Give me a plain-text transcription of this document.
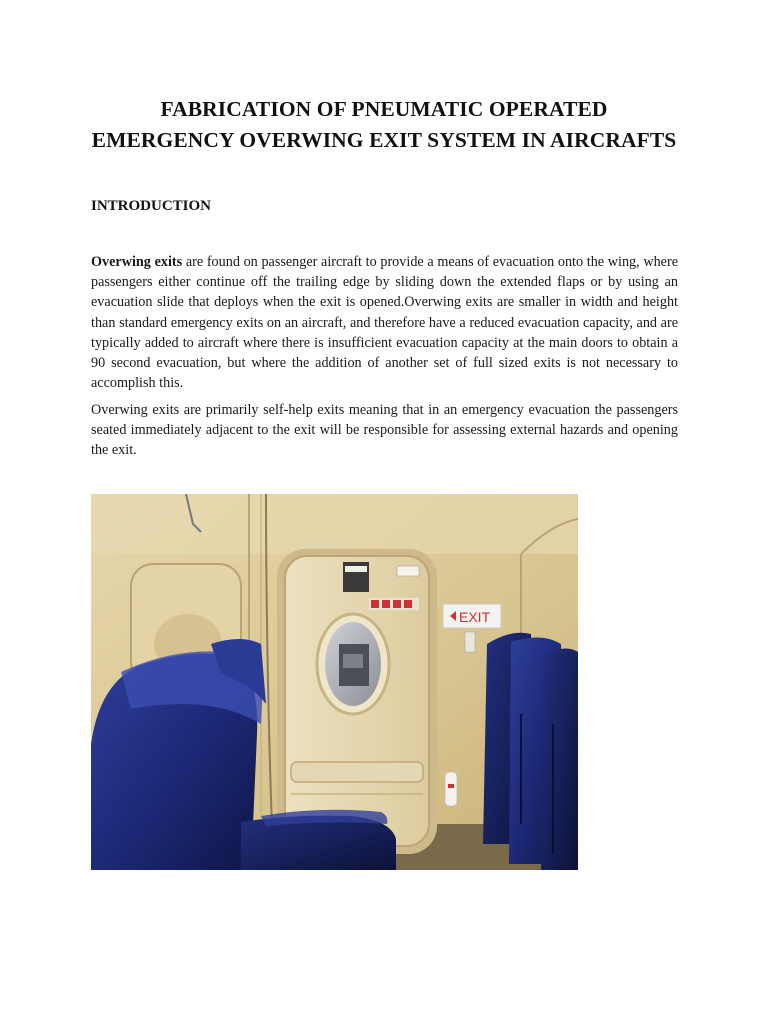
FABRICATION OF PNEUMATIC OPERATED
EMERGENCY OVERWING EXIT SYSTEM IN AIRCRAFTS
INTRODUCTION

Overwing exits are found on passenger aircraft to provide a means of evacuation onto the wing, where passengers either continue off the trailing edge by sliding down the extended flaps or by using an evacuation slide that deploys when the exit is opened.Overwing exits are smaller in width and height than standard emergency exits on an aircraft, and therefore have a reduced evacuation capacity, and are typically added to aircraft where there is insufficient evacuation capacity at the main doors to obtain a 90 second evacuation, but where the addition of another set of full sized exits is not necessary to accomplish this.

Overwing exits are primarily self-help exits meaning that in an emergency evacuation the passengers seated immediately adjacent to the exit will be responsible for assessing external hazards and opening the exit.

EXIT
